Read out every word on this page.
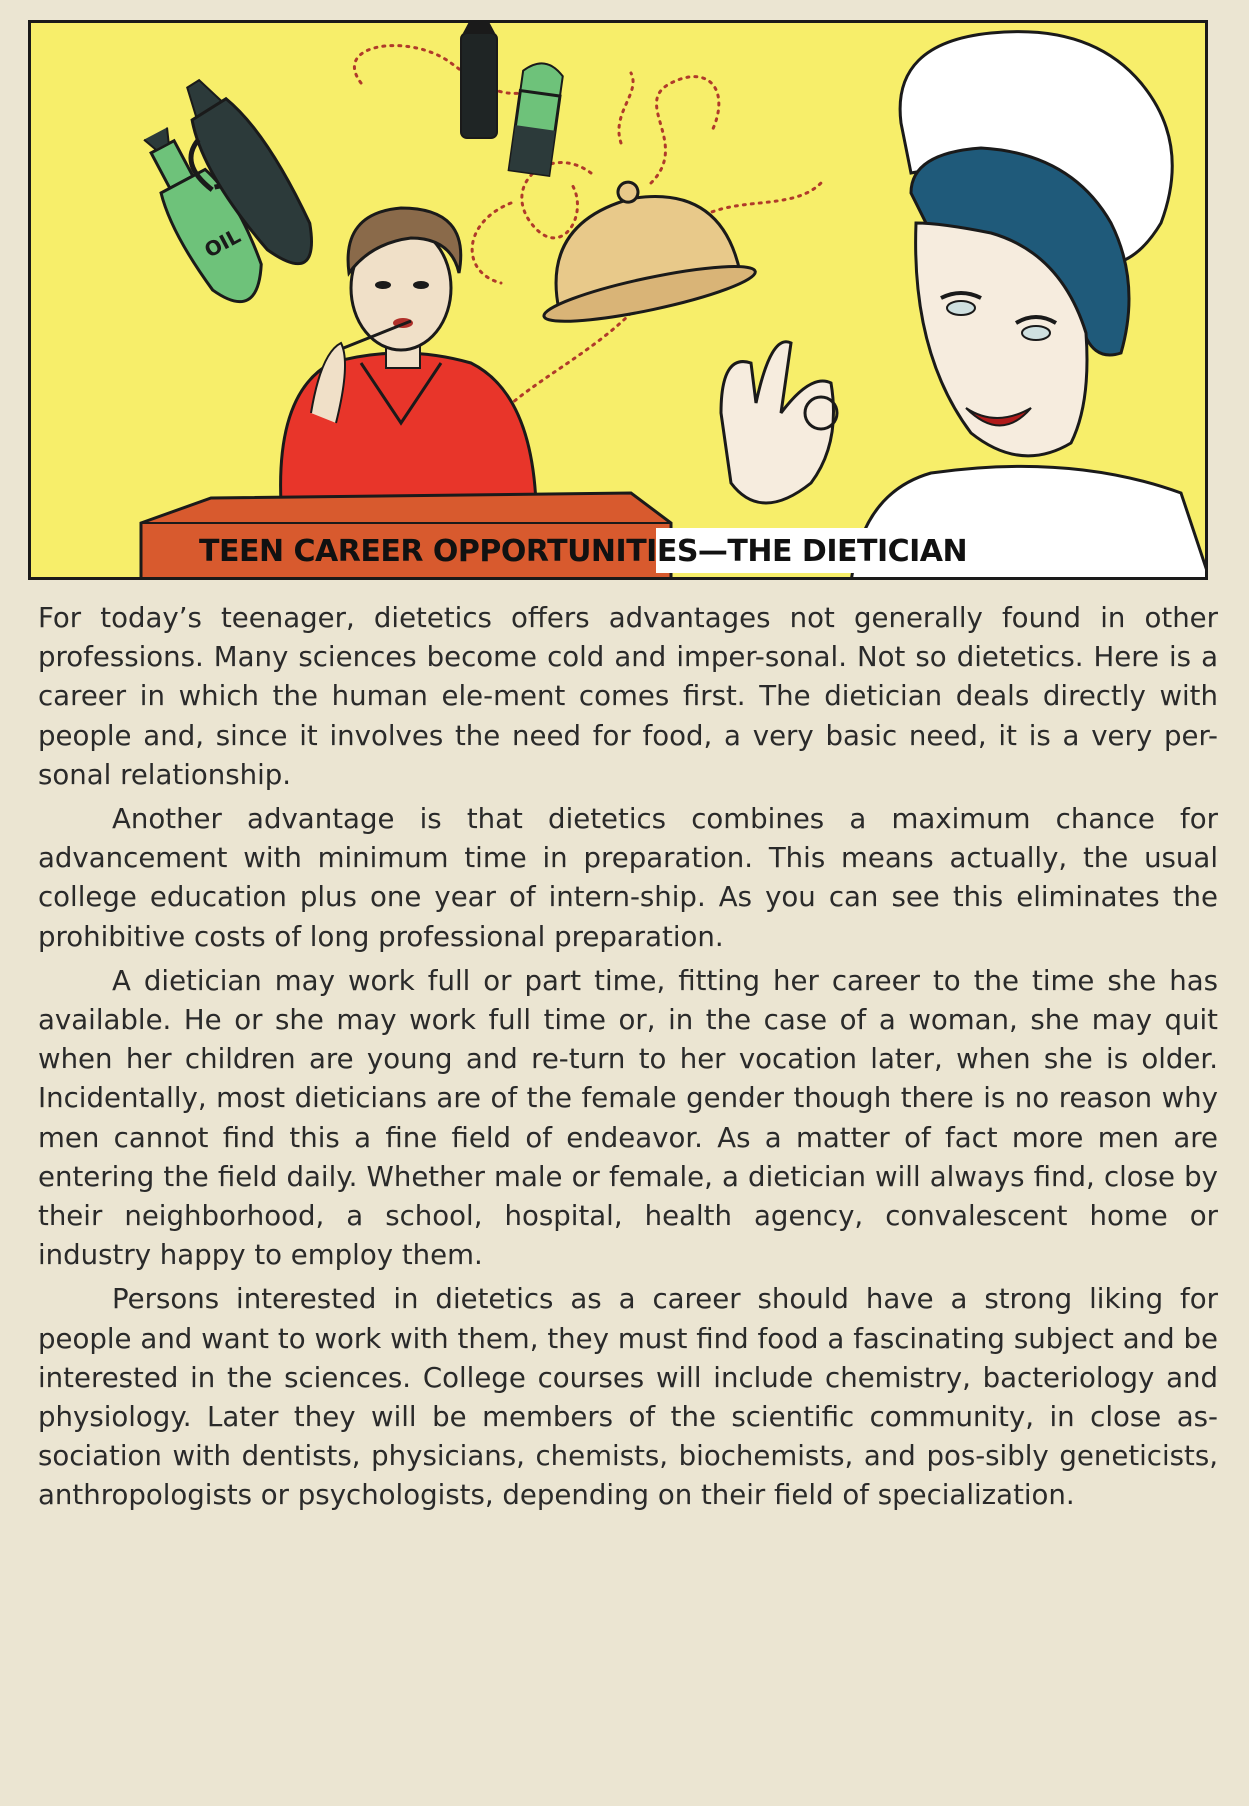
OIL
TEEN CAREER OPPORTUNITIES—THE DIETICIAN

For today’s teenager, dietetics offers advantages not generally found in other professions. Many sciences become cold and imper-sonal. Not so dietetics. Here is a career in which the human ele-ment comes first. The dietician deals directly with people and, since it involves the need for food, a very basic need, it is a very per-sonal relationship.

Another advantage is that dietetics combines a maximum chance for advancement with minimum time in preparation. This means actually, the usual college education plus one year of intern-ship. As you can see this eliminates the prohibitive costs of long professional preparation.

A dietician may work full or part time, fitting her career to the time she has available. He or she may work full time or, in the case of a woman, she may quit when her children are young and re-turn to her vocation later, when she is older. Incidentally, most dieticians are of the female gender though there is no reason why men cannot find this a fine field of endeavor. As a matter of fact more men are entering the field daily. Whether male or female, a dietician will always find, close by their neighborhood, a school, hospital, health agency, convalescent home or industry happy to employ them.

Persons interested in dietetics as a career should have a strong liking for people and want to work with them, they must find food a fascinating subject and be interested in the sciences. College courses will include chemistry, bacteriology and physiology. Later they will be members of the scientific community, in close as-sociation with dentists, physicians, chemists, biochemists, and pos-sibly geneticists, anthropologists or psychologists, depending on their field of specialization.
